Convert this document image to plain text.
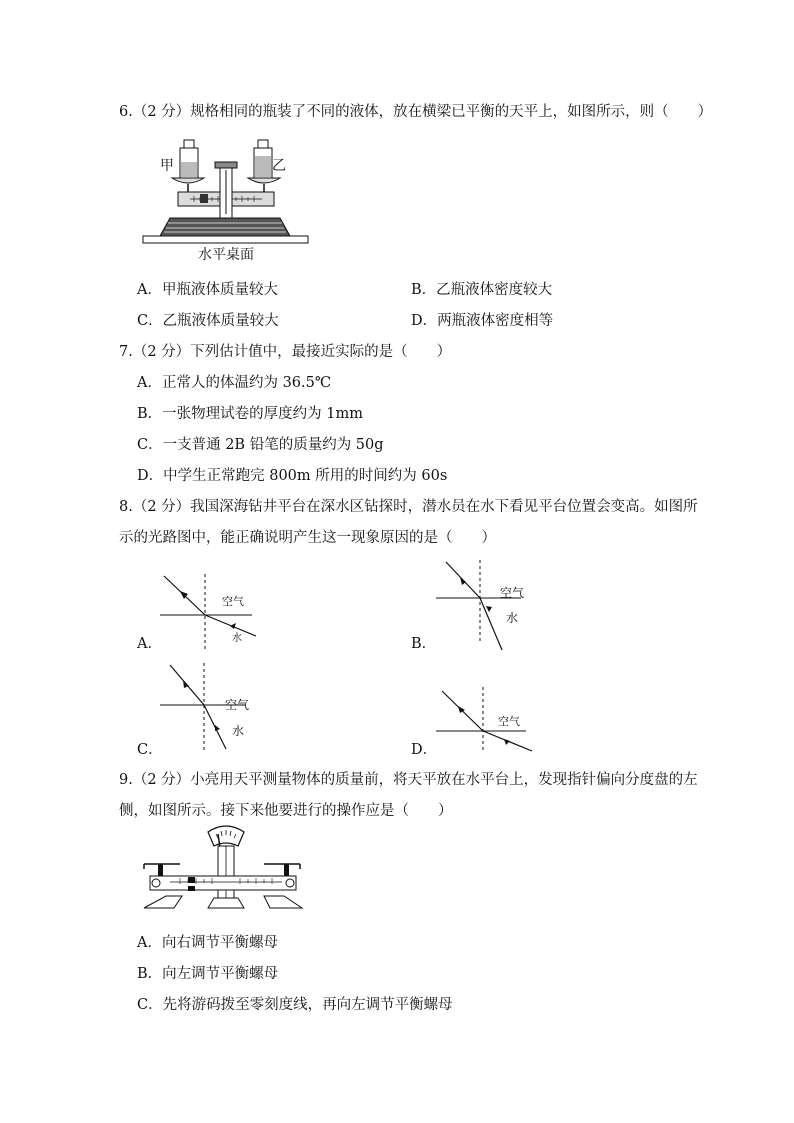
6.（2 分）规格相同的瓶装了不同的液体，放在横梁已平衡的天平上，如图所示，则（　　）
甲	乙
水平桌面
A．甲瓶液体质量较大	B．乙瓶液体密度较大
C．乙瓶液体质量较大	D．两瓶液体密度相等
7.（2 分）下列估计值中，最接近实际的是（　　）
A．正常人的体温约为 36.5℃
B．一张物理试卷的厚度约为 1mm
C．一支普通 2B 铅笔的质量约为 50g
D．中学生正常跑完 800m 所用的时间约为 60s
8.（2 分）我国深海钻井平台在深水区钻探时，潜水员在水下看见平台位置会变高。如图所
示的光路图中，能正确说明产生这一现象原因的是（　　）
A．
空气
水	B．
空气
水
C．
空气
水
D．
空气
9.（2 分）小亮用天平测量物体的质量前，将天平放在水平台上，发现指针偏向分度盘的左
侧，如图所示。接下来他要进行的操作应是（　　）
A．向右调节平衡螺母
B．向左调节平衡螺母
C．先将游码拨至零刻度线，再向左调节平衡螺母
